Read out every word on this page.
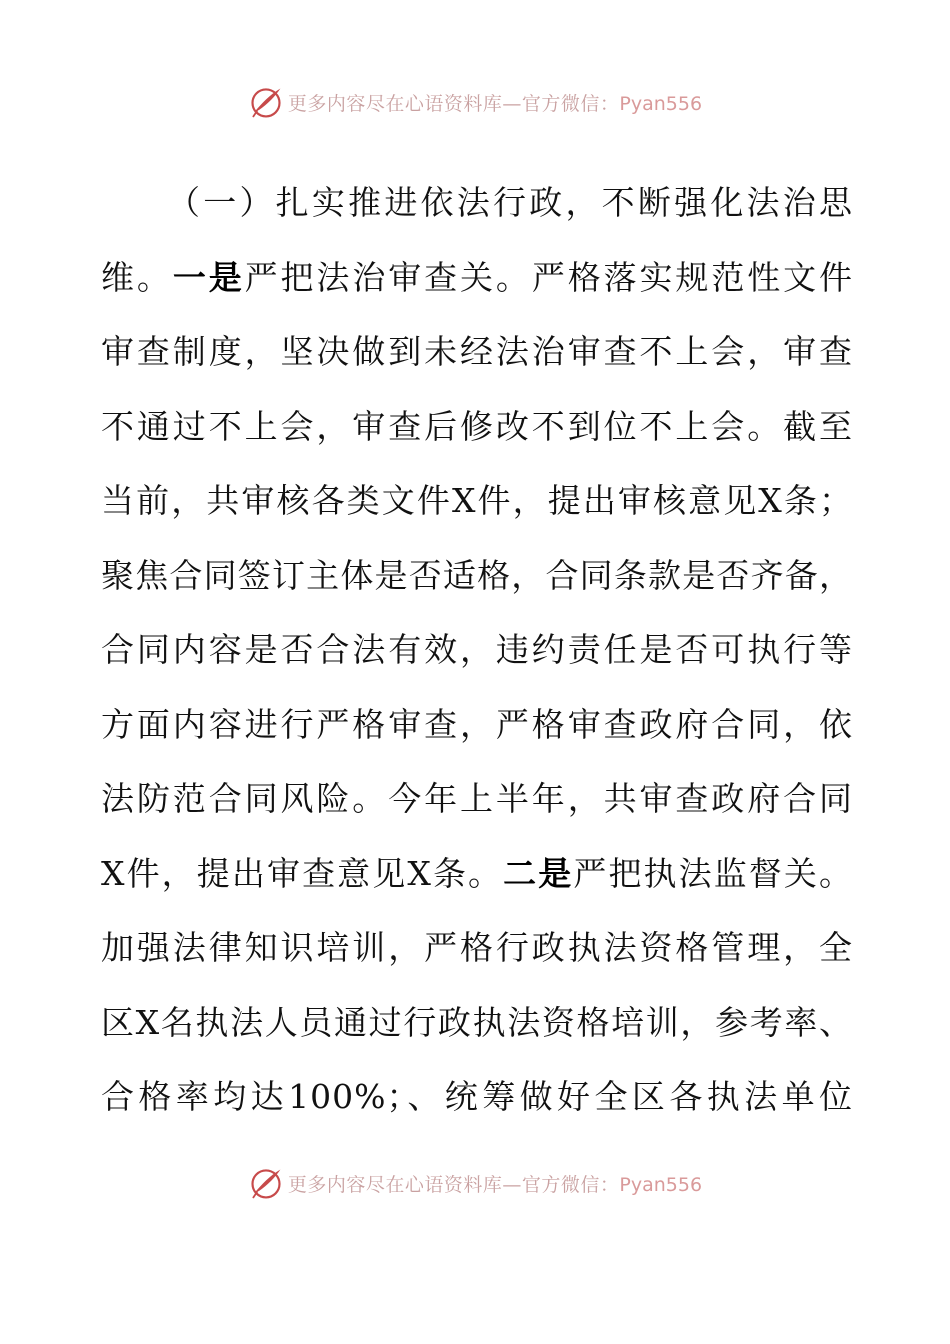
更多内容尽在心语资料库—官方微信：Pyan556
（一）扎实推进依法行政，不断强化法治思
维。一是严把法治审查关。严格落实规范性文件
审查制度，坚决做到未经法治审查不上会，审查
不通过不上会，审查后修改不到位不上会。截至
当前，共审核各类文件X件，提出审核意见X条；
聚焦合同签订主体是否适格，合同条款是否齐备，
合同内容是否合法有效，违约责任是否可执行等
方面内容进行严格审查，严格审查政府合同，依
法防范合同风险。今年上半年，共审查政府合同
X件，提出审查意见X条。二是严把执法监督关。
加强法律知识培训，严格行政执法资格管理，全
区X名执法人员通过行政执法资格培训，参考率、
合格率均达100%；、统筹做好全区各执法单位
更多内容尽在心语资料库—官方微信：Pyan556
